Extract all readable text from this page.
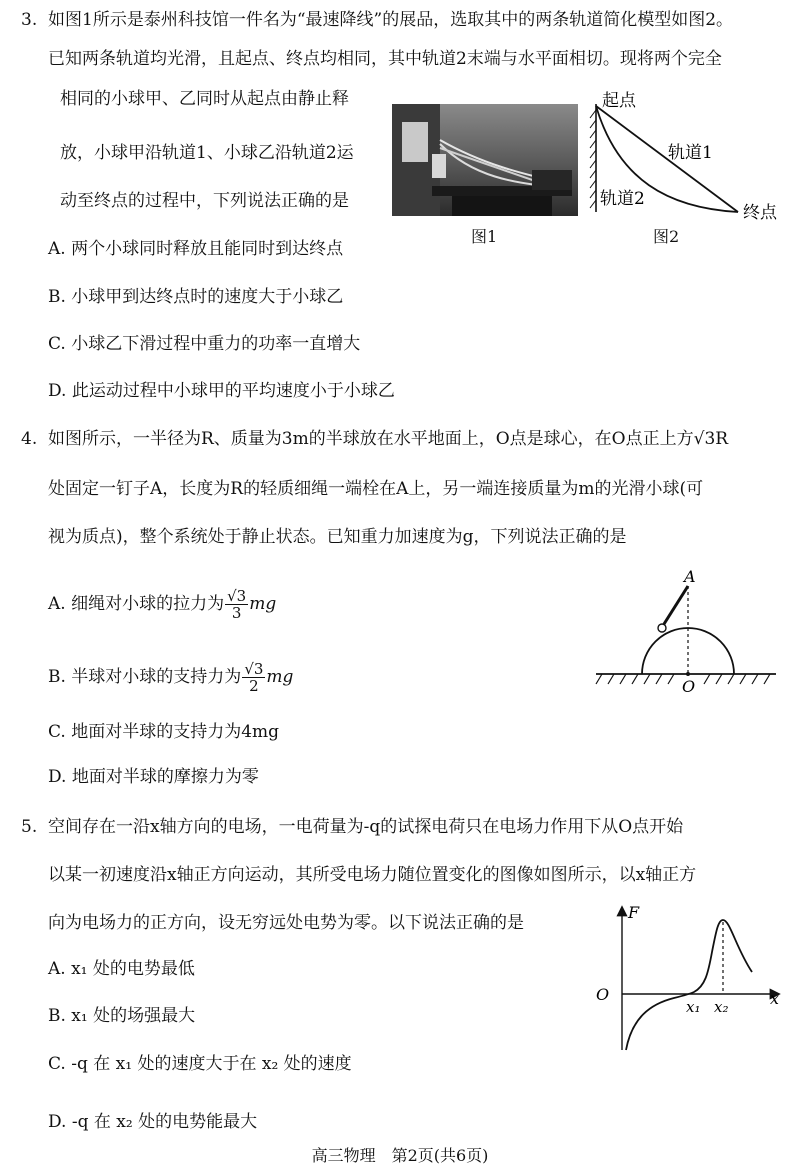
3. 如图1所示是泰州科技馆一件名为“最速降线”的展品，选取其中的两条轨道简化模型如图2。
已知两条轨道均光滑，且起点、终点均相同，其中轨道2末端与水平面相切。现将两个完全
相同的小球甲、乙同时从起点由静止释
放，小球甲沿轨道1、小球乙沿轨道2运
动至终点的过程中，下列说法正确的是
A. 两个小球同时释放且能同时到达终点
B. 小球甲到达终点时的速度大于小球乙
C. 小球乙下滑过程中重力的功率一直增大
D. 此运动过程中小球甲的平均速度小于小球乙
图1
起点
轨道1
轨道2
终点
图2
4. 如图所示，一半径为R、质量为3m的半球放在水平地面上，O点是球心，在O点正上方√3R
处固定一钉子A，长度为R的轻质细绳一端栓在A上，另一端连接质量为m的光滑小球(可
视为质点)，整个系统处于静止状态。已知重力加速度为g，下列说法正确的是
A. 细绳对小球的拉力为 $\frac{√3}{3}$ mg
B. 半球对小球的支持力为 $\frac{√3}{2}$ mg
C. 地面对半球的支持力为4mg
D. 地面对半球的摩擦力为零
A
O
5. 空间存在一沿x轴方向的电场，一电荷量为-q的试探电荷只在电场力作用下从O点开始
以某一初速度沿x轴正方向运动，其所受电场力随位置变化的图像如图所示，以x轴正方
向为电场力的正方向，设无穷远处电势为零。以下说法正确的是
A. x₁ 处的电势最低
B. x₁ 处的场强最大
C. -q 在 x₁ 处的速度大于在 x₂ 处的速度
D. -q 在 x₂ 处的电势能最大
F
O	x
x₁ x₂
高三物理　第2页(共6页)
